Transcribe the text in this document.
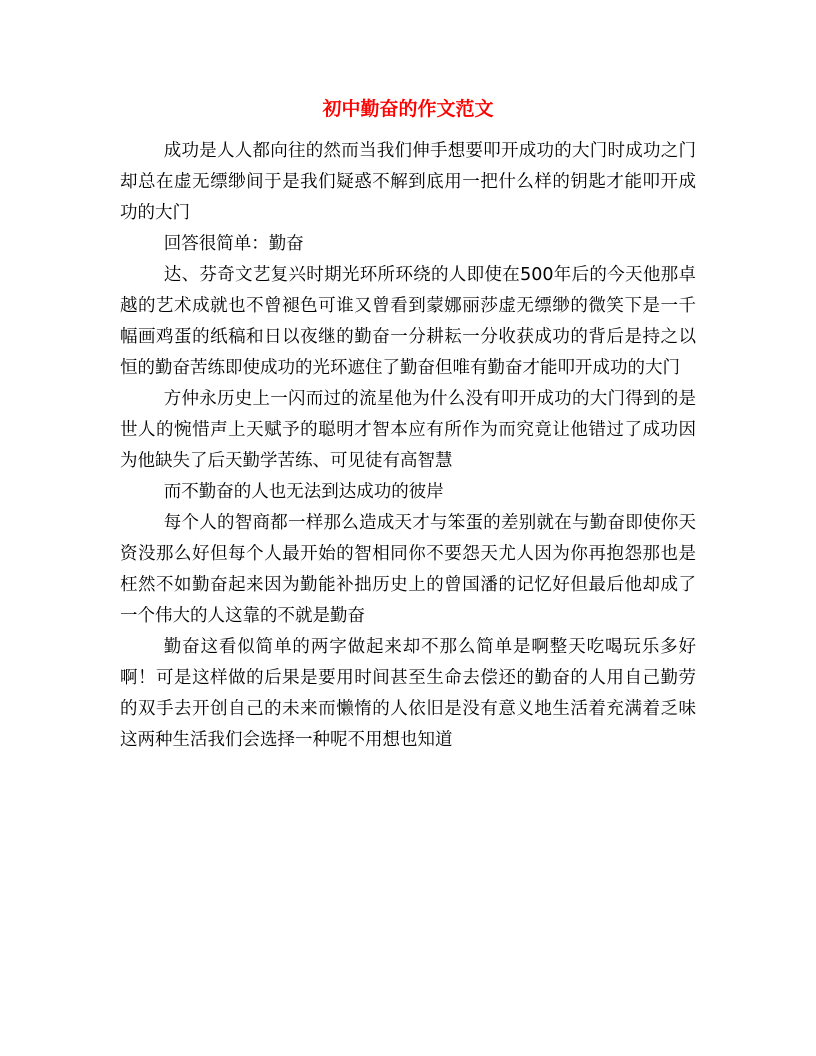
初中勤奋的作文范文

成功是人人都向往的然而当我们伸手想要叩开成功的大门时成功之门却总在虚无缥缈间于是我们疑惑不解到底用一把什么样的钥匙才能叩开成功的大门

回答很简单：勤奋

达、芬奇文艺复兴时期光环所环绕的人即使在500年后的今天他那卓越的艺术成就也不曾褪色可谁又曾看到蒙娜丽莎虚无缥缈的微笑下是一千幅画鸡蛋的纸稿和日以夜继的勤奋一分耕耘一分收获成功的背后是持之以恒的勤奋苦练即使成功的光环遮住了勤奋但唯有勤奋才能叩开成功的大门

方仲永历史上一闪而过的流星他为什么没有叩开成功的大门得到的是世人的惋惜声上天赋予的聪明才智本应有所作为而究竟让他错过了成功因为他缺失了后天勤学苦练、可见徒有高智慧

而不勤奋的人也无法到达成功的彼岸

每个人的智商都一样那么造成天才与笨蛋的差别就在与勤奋即使你天资没那么好但每个人最开始的智相同你不要怨天尤人因为你再抱怨那也是枉然不如勤奋起来因为勤能补拙历史上的曾国潘的记忆好但最后他却成了一个伟大的人这靠的不就是勤奋

勤奋这看似简单的两字做起来却不那么简单是啊整天吃喝玩乐多好啊！可是这样做的后果是要用时间甚至生命去偿还的勤奋的人用自己勤劳的双手去开创自己的未来而懒惰的人依旧是没有意义地生活着充满着乏味这两种生活我们会选择一种呢不用想也知道
